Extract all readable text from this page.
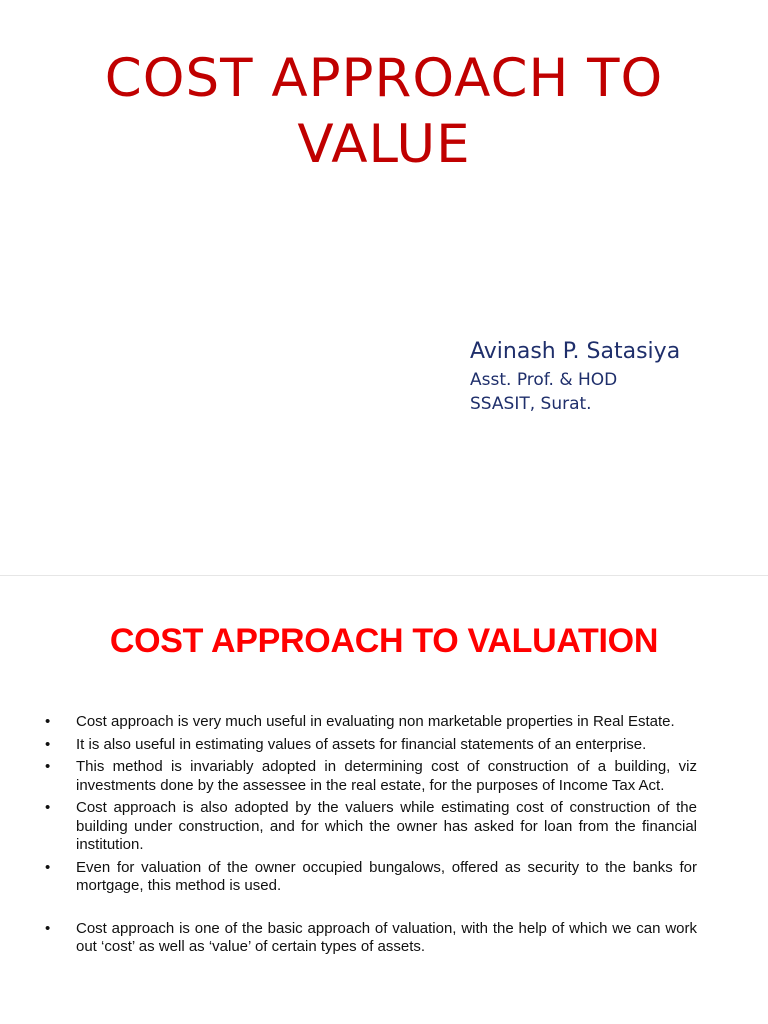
COST APPROACH TO
VALUE
Avinash P. Satasiya
Asst. Prof. & HOD
SSASIT, Surat.
COST APPROACH TO VALUATION
• Cost approach is very much useful in evaluating non marketable properties in Real Estate.
• It is also useful in estimating values of assets for financial statements of an enterprise.
• This method is invariably adopted in determining cost of construction of a building, viz investments done by the assessee in the real estate, for the purposes of Income Tax Act.
• Cost approach is also adopted by the valuers while estimating cost of construction of the building under construction, and for which the owner has asked for loan from the financial institution.
• Even for valuation of the owner occupied bungalows, offered as security to the banks for mortgage, this method is used.
• Cost approach is one of the basic approach of valuation, with the help of which we can work out ‘cost’ as well as ‘value’ of certain types of assets.
